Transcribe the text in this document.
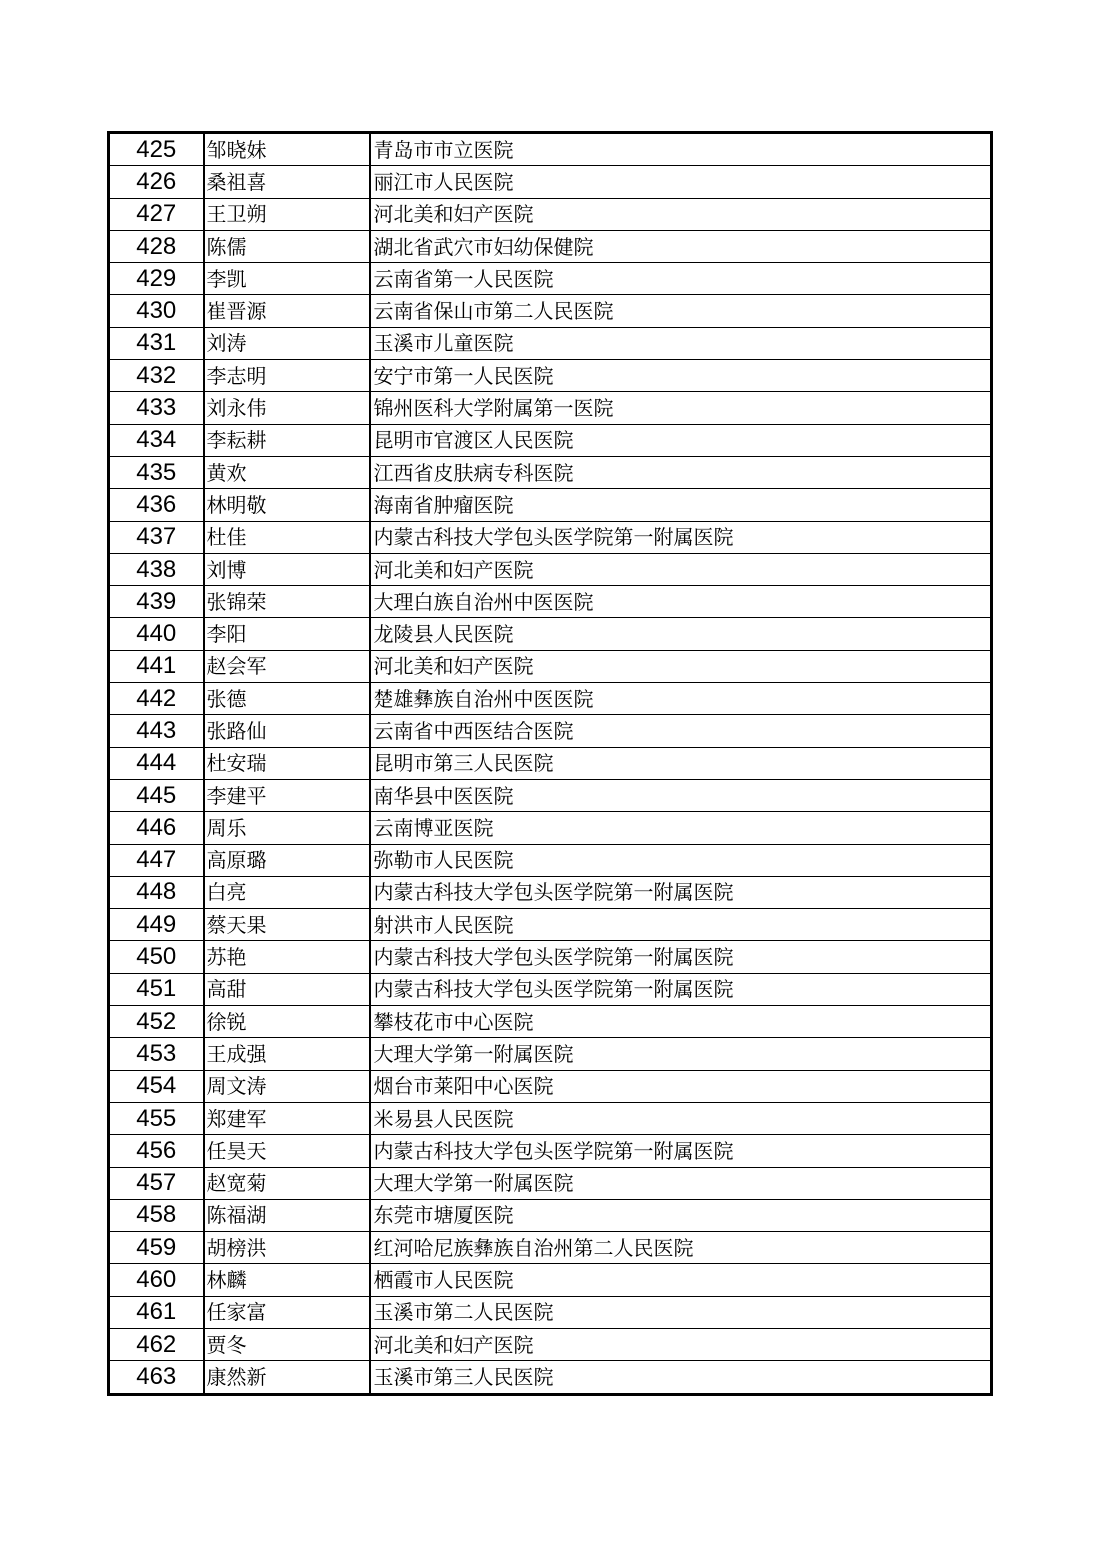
425	邹晓妹	青岛市市立医院
426	桑祖喜	丽江市人民医院
427	王卫朔	河北美和妇产医院
428	陈儒	湖北省武穴市妇幼保健院
429	李凯	云南省第一人民医院
430	崔晋源	云南省保山市第二人民医院
431	刘涛	玉溪市儿童医院
432	李志明	安宁市第一人民医院
433	刘永伟	锦州医科大学附属第一医院
434	李耘耕	昆明市官渡区人民医院
435	黄欢	江西省皮肤病专科医院
436	林明敬	海南省肿瘤医院
437	杜佳	内蒙古科技大学包头医学院第一附属医院
438	刘博	河北美和妇产医院
439	张锦荣	大理白族自治州中医医院
440	李阳	龙陵县人民医院
441	赵会军	河北美和妇产医院
442	张德	楚雄彝族自治州中医医院
443	张路仙	云南省中西医结合医院
444	杜安瑞	昆明市第三人民医院
445	李建平	南华县中医医院
446	周乐	云南博亚医院
447	高原璐	弥勒市人民医院
448	白亮	内蒙古科技大学包头医学院第一附属医院
449	蔡天果	射洪市人民医院
450	苏艳	内蒙古科技大学包头医学院第一附属医院
451	高甜	内蒙古科技大学包头医学院第一附属医院
452	徐锐	攀枝花市中心医院
453	王成强	大理大学第一附属医院
454	周文涛	烟台市莱阳中心医院
455	郑建军	米易县人民医院
456	任昊天	内蒙古科技大学包头医学院第一附属医院
457	赵宽菊	大理大学第一附属医院
458	陈福湖	东莞市塘厦医院
459	胡榜洪	红河哈尼族彝族自治州第二人民医院
460	林麟	栖霞市人民医院
461	任家富	玉溪市第二人民医院
462	贾冬	河北美和妇产医院
463	康然新	玉溪市第三人民医院
